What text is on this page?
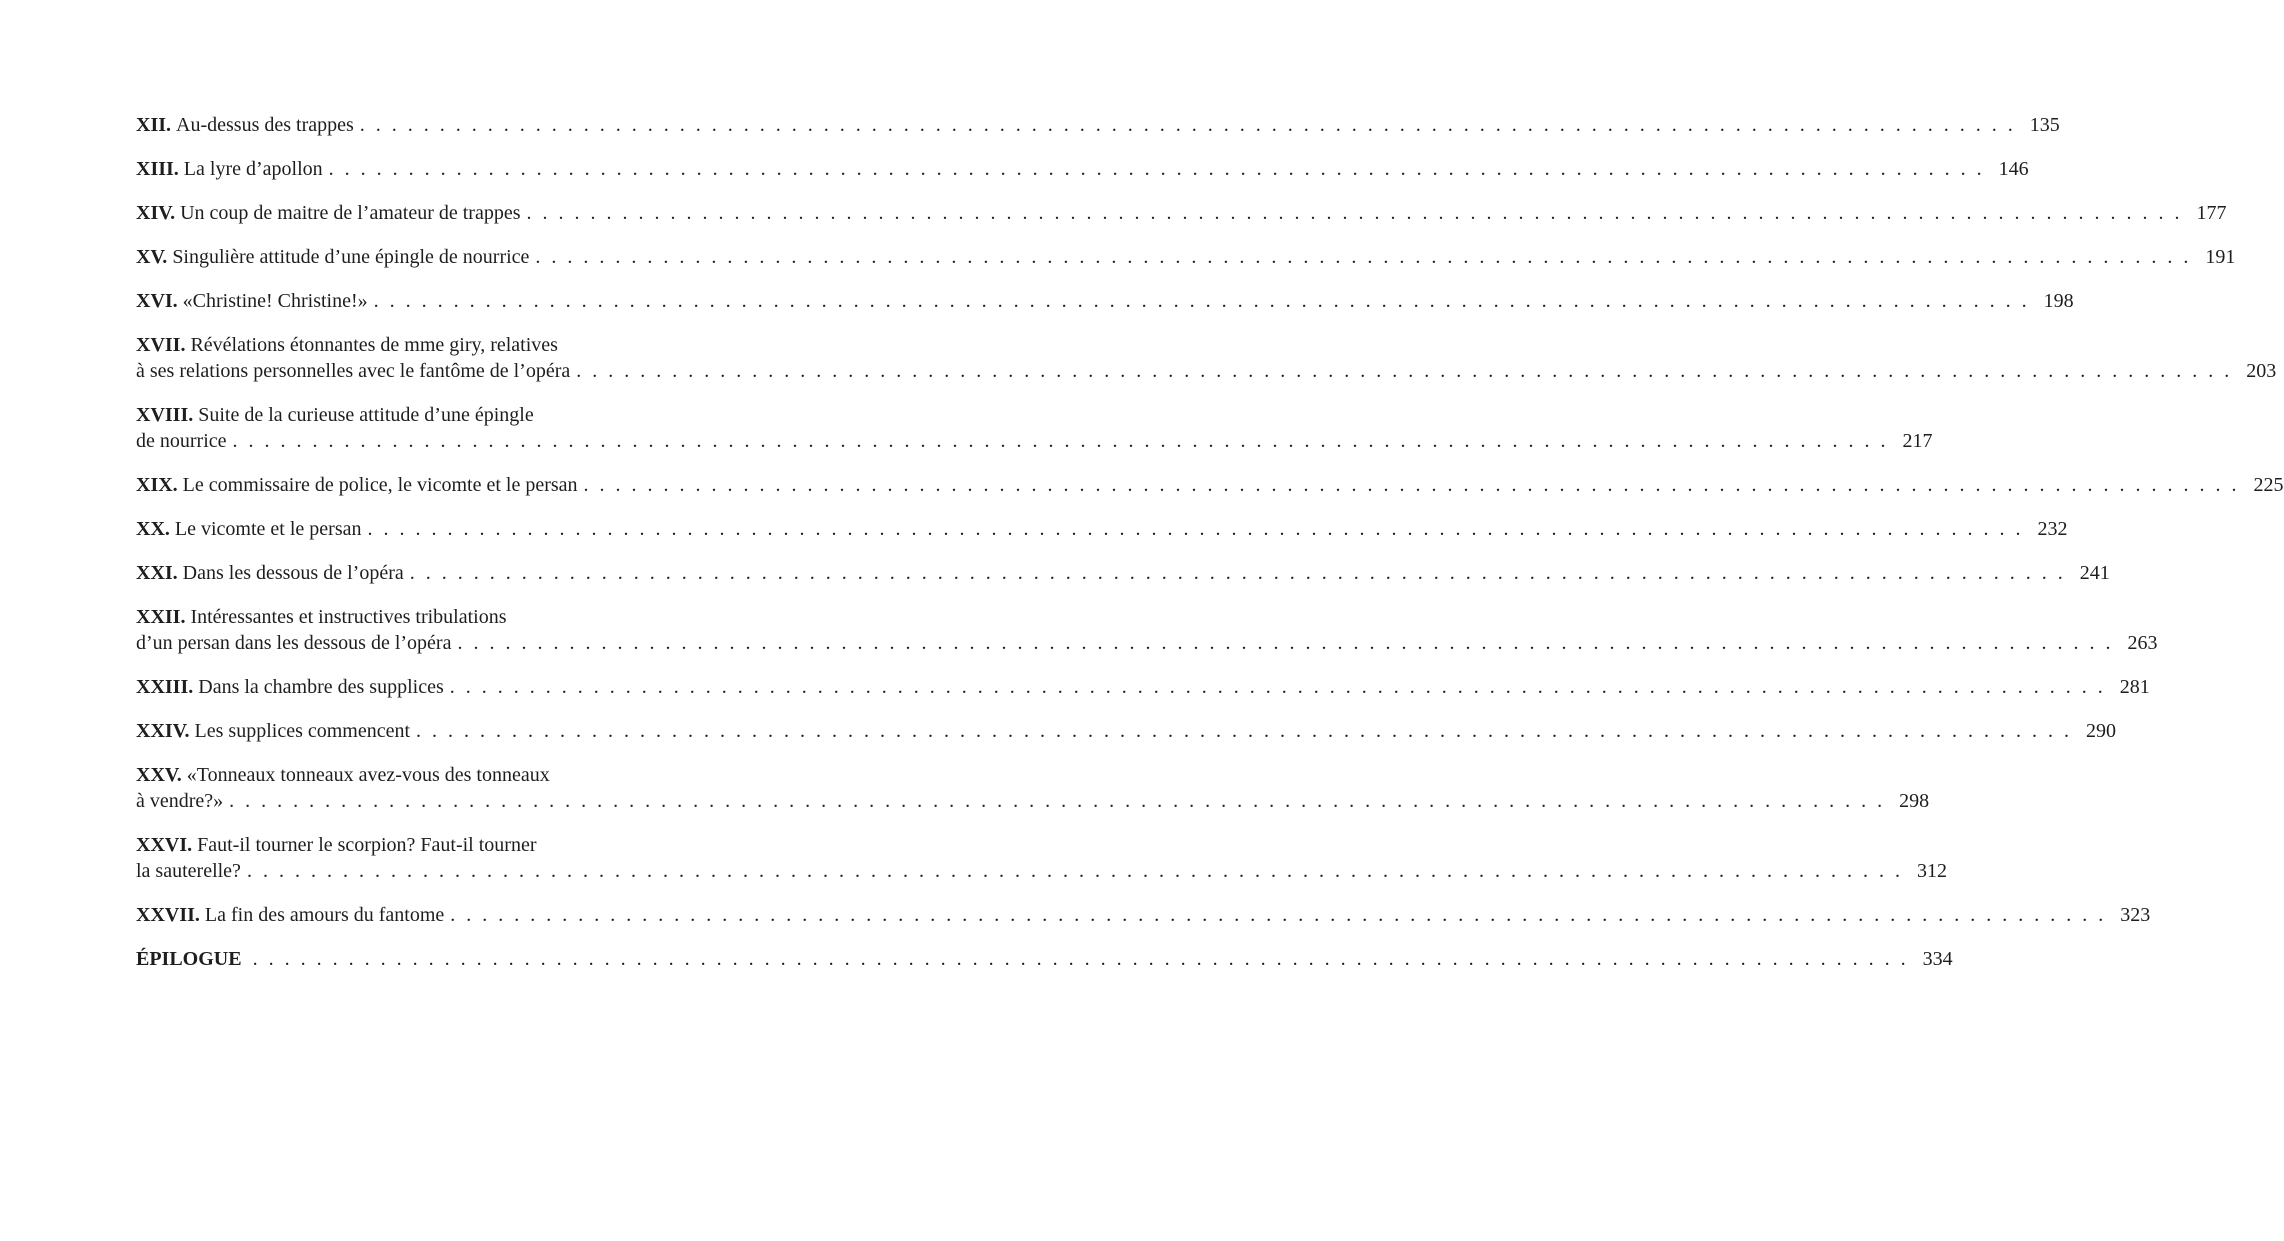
XII. Au-dessus des trappes . . .	135
XIII. La lyre d’apollon . . .	146
XIV. Un coup de maitre de l’amateur de trappes . . .	177
XV. Singulière attitude d’une épingle de nourrice . . .	191
XVI. «Christine! Christine!» . . .	198
XVII. Révélations étonnantes de mme giry, relatives
à ses relations personnelles avec le fantôme de l’opéra . . .	203
XVIII. Suite de la curieuse attitude d’une épingle
de nourrice . . .	217
XIX. Le commissaire de police, le vicomte et le persan . . .	225
XX. Le vicomte et le persan . . .	232
XXI. Dans les dessous de l’opéra . . .	241
XXII. Intéressantes et instructives tribulations
d’un persan dans les dessous de l’opéra . . .	263
XXIII. Dans la chambre des supplices . . .	281
XXIV. Les supplices commencent . . .	290
XXV. «Tonneaux tonneaux avez-vous des tonneaux
à vendre?» . . .	298
XXVI. Faut-il tourner le scorpion? Faut-il tourner
la sauterelle? . . .	312
XXVII. La fin des amours du fantome . . .	323
ÉPILOGUE . . .	334
